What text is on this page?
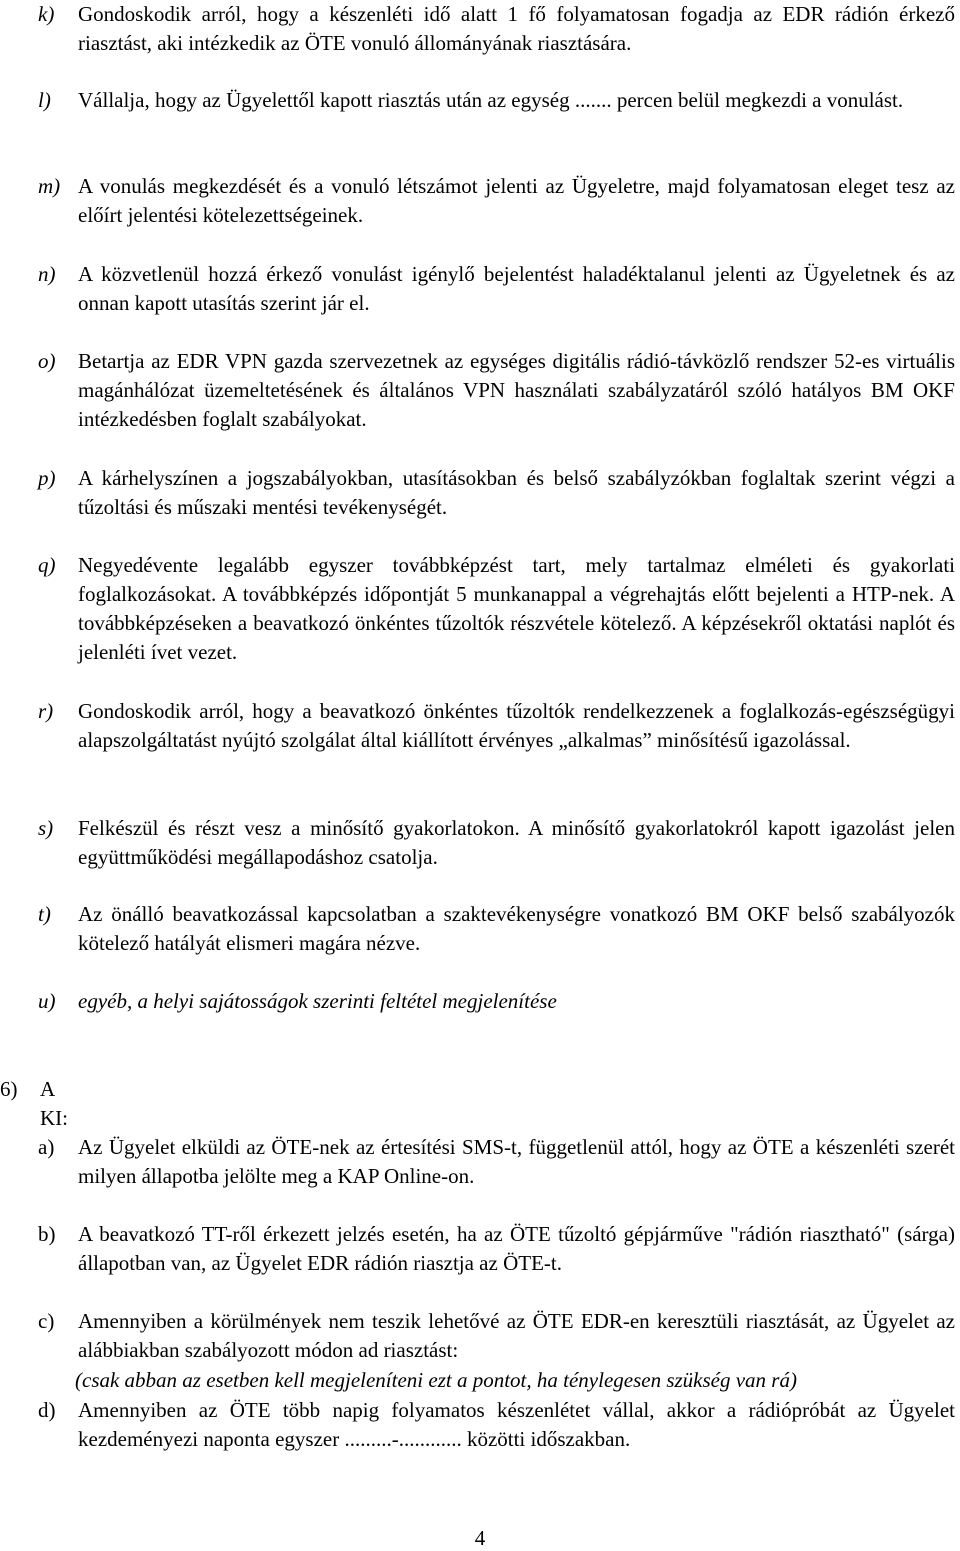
k) Gondoskodik arról, hogy a készenléti idő alatt 1 fő folyamatosan fogadja az EDR rádión érkező riasztást, aki intézkedik az ÖTE vonuló állományának riasztására.
l) Vállalja, hogy az Ügyelettől kapott riasztás után az egység ....... percen belül megkezdi a vonulást.
m) A vonulás megkezdését és a vonuló létszámot jelenti az Ügyeletre, majd folyamatosan eleget tesz az előírt jelentési kötelezettségeinek.
n) A közvetlenül hozzá érkező vonulást igénylő bejelentést haladéktalanul jelenti az Ügyeletnek és az onnan kapott utasítás szerint jár el.
o) Betartja az EDR VPN gazda szervezetnek az egységes digitális rádió-távközlő rendszer 52-es virtuális magánhálózat üzemeltetésének és általános VPN használati szabályzatáról szóló hatályos BM OKF intézkedésben foglalt szabályokat.
p) A kárhelyszínen a jogszabályokban, utasításokban és belső szabályzókban foglaltak szerint végzi a tűzoltási és műszaki mentési tevékenységét.
q) Negyedévente legalább egyszer továbbképzést tart, mely tartalmaz elméleti és gyakorlati foglalkozásokat. A továbbképzés időpontját 5 munkanappal a végrehajtás előtt bejelenti a HTP-nek. A továbbképzéseken a beavatkozó önkéntes tűzoltók részvétele kötelező. A képzésekről oktatási naplót és jelenléti ívet vezet.
r) Gondoskodik arról, hogy a beavatkozó önkéntes tűzoltók rendelkezzenek a foglalkozás-egészségügyi alapszolgáltatást nyújtó szolgálat által kiállított érvényes „alkalmas” minősítésű igazolással.
s) Felkészül és részt vesz a minősítő gyakorlatokon. A minősítő gyakorlatokról kapott igazolást jelen együttműködési megállapodáshoz csatolja.
t) Az önálló beavatkozással kapcsolatban a szaktevékenységre vonatkozó BM OKF belső szabályozók kötelező hatályát elismeri magára nézve.
u) egyéb, a helyi sajátosságok szerinti feltétel megjelenítése
6) A KI:
a) Az Ügyelet elküldi az ÖTE-nek az értesítési SMS-t, függetlenül attól, hogy az ÖTE a készenléti szerét milyen állapotba jelölte meg a KAP Online-on.
b) A beavatkozó TT-ről érkezett jelzés esetén, ha az ÖTE tűzoltó gépjárműve "rádión riasztható" (sárga) állapotban van, az Ügyelet EDR rádión riasztja az ÖTE-t.
c) Amennyiben a körülmények nem teszik lehetővé az ÖTE EDR-en keresztüli riasztását, az Ügyelet az alábbiakban szabályozott módon ad riasztást:
(csak abban az esetben kell megjeleníteni ezt a pontot, ha ténylegesen szükség van rá)
d) Amennyiben az ÖTE több napig folyamatos készenlétet vállal, akkor a rádiópróbát az Ügyelet kezdeményezi naponta egyszer .........-............ közötti időszakban.
4
